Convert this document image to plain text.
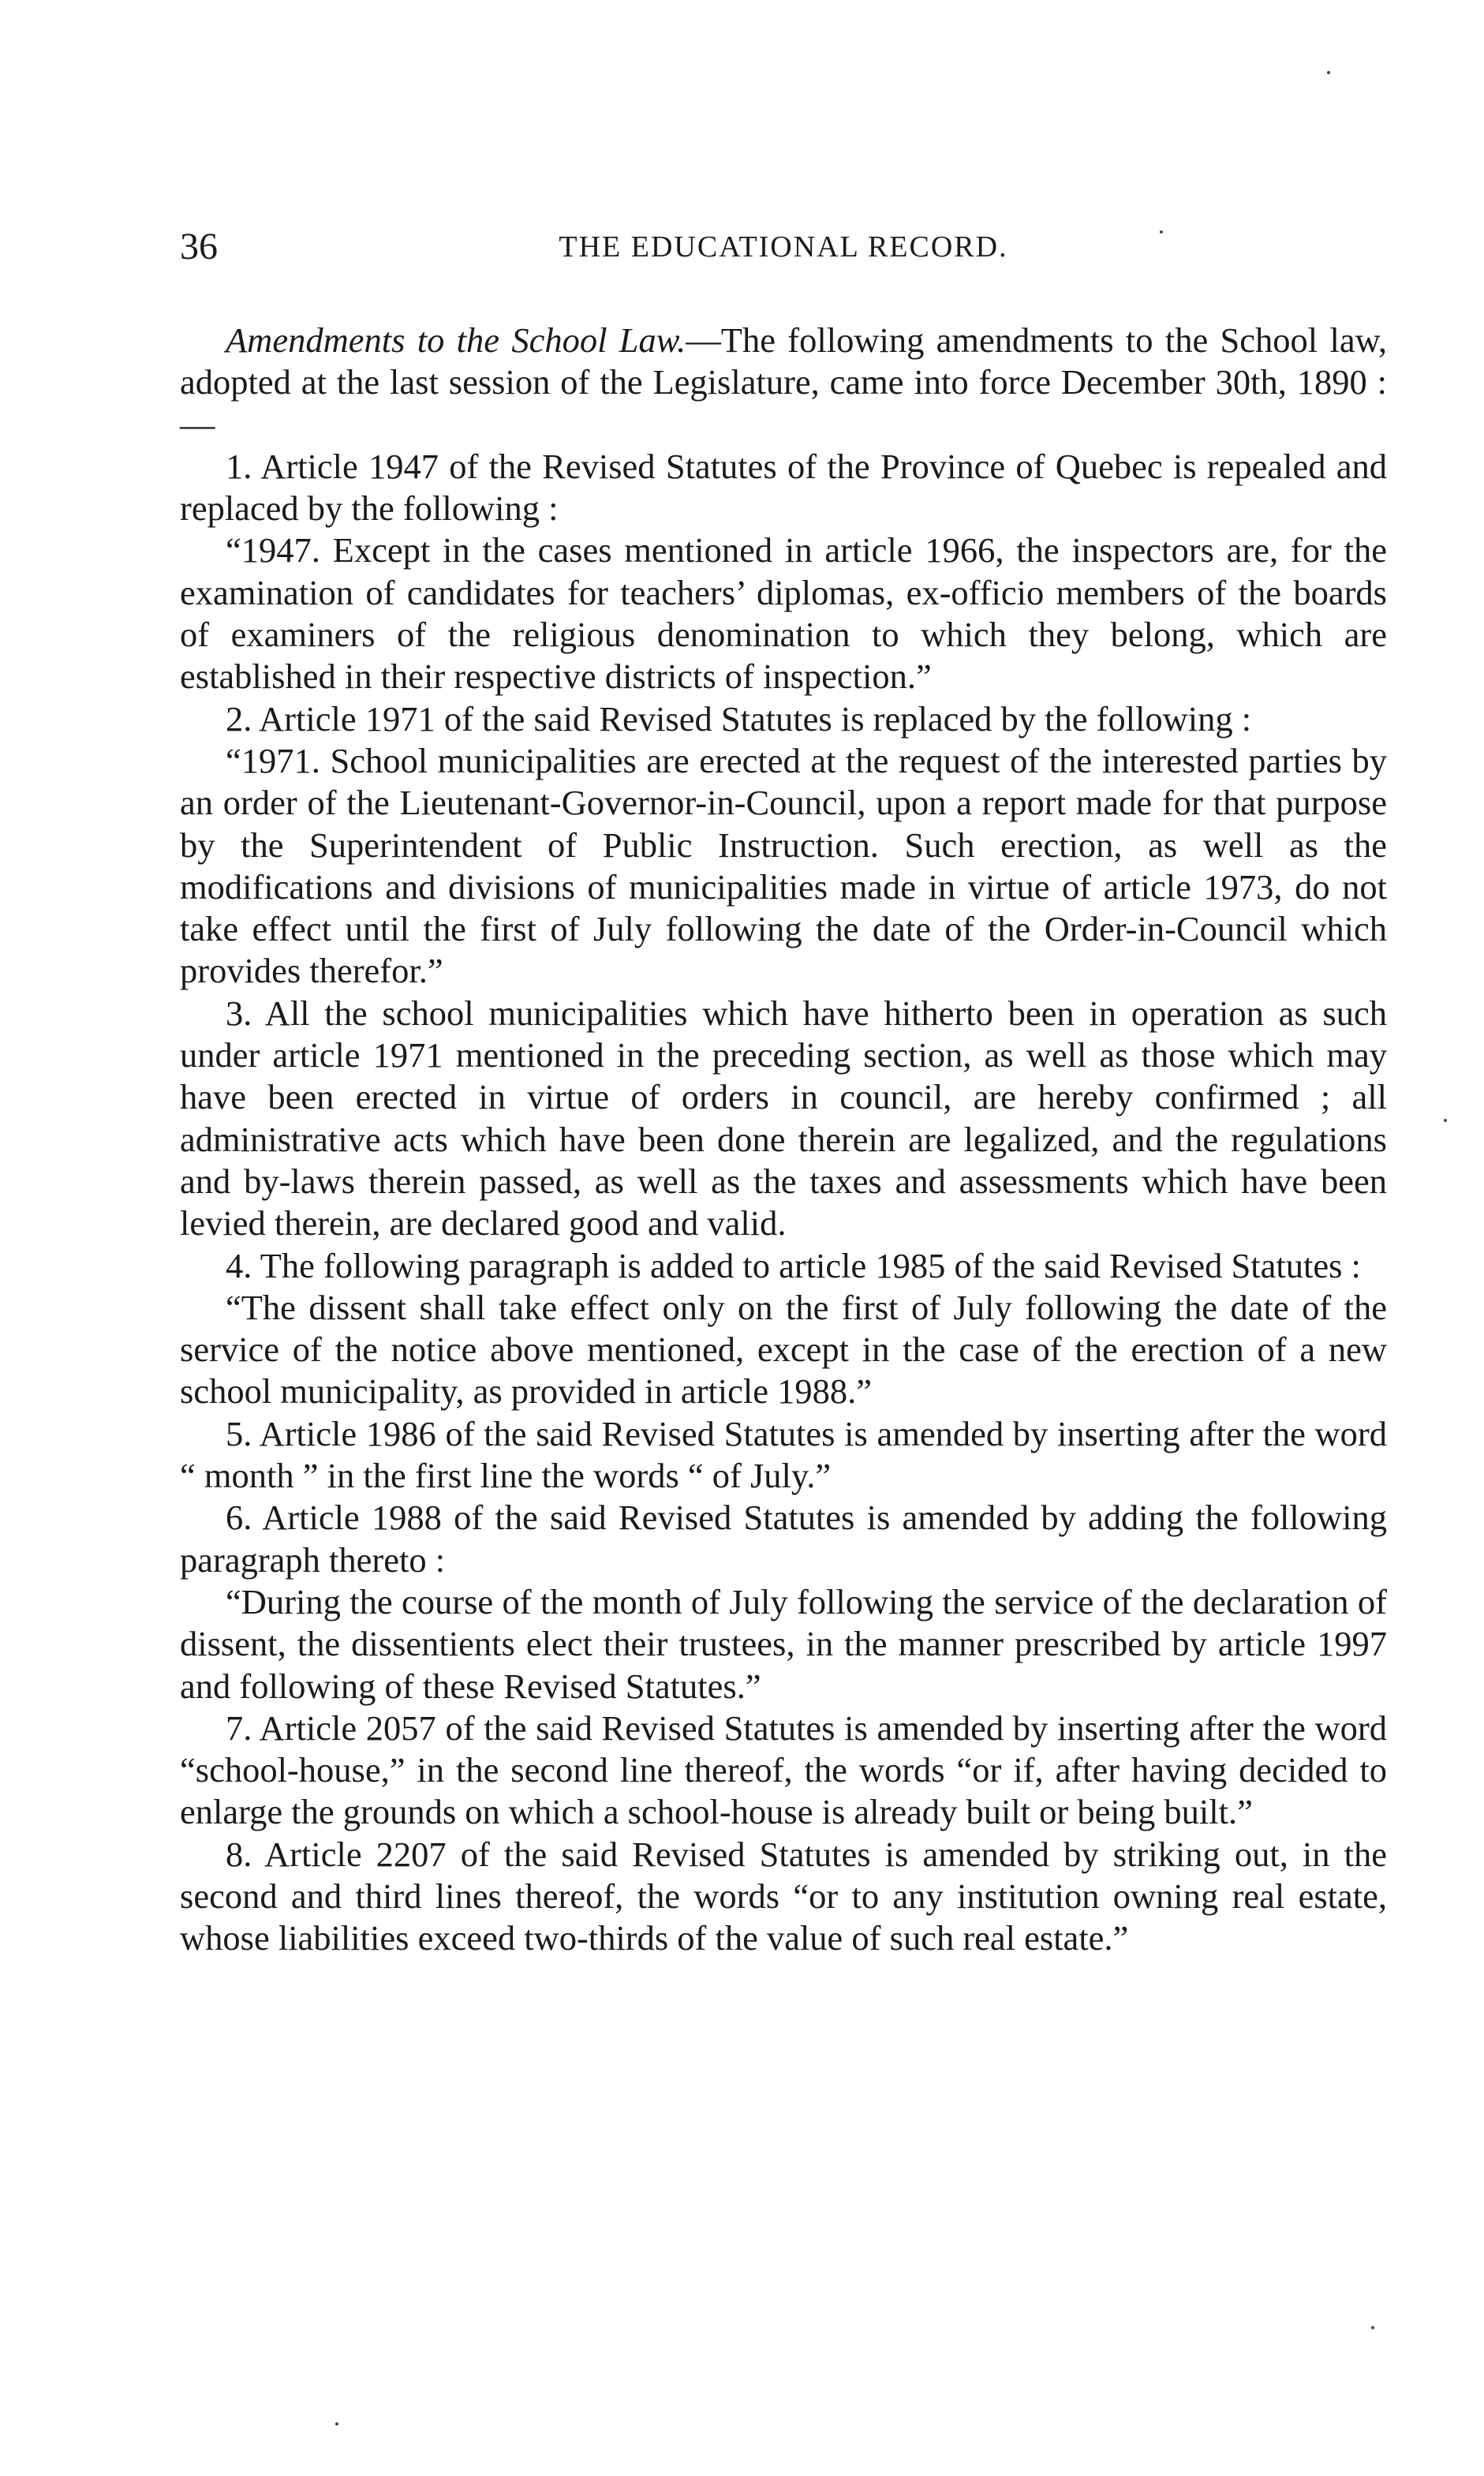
36	THE EDUCATIONAL RECORD.

Amendments to the School Law.—The following amendments to the School law, adopted at the last session of the Legislature, came into force December 30th, 1890 :—

1. Article 1947 of the Revised Statutes of the Province of Quebec is repealed and replaced by the following :

“1947. Except in the cases mentioned in article 1966, the inspectors are, for the examination of candidates for teachers’ diplomas, ex-officio members of the boards of examiners of the religious denomination to which they belong, which are established in their respective districts of inspection.”

2. Article 1971 of the said Revised Statutes is replaced by the following :

“1971. School municipalities are erected at the request of the interested parties by an order of the Lieutenant-Governor-in-Council, upon a report made for that purpose by the Superintendent of Public Instruction. Such erection, as well as the modifications and divisions of municipalities made in virtue of article 1973, do not take effect until the first of July following the date of the Order-in-Council which provides therefor.”

3. All the school municipalities which have hitherto been in operation as such under article 1971 mentioned in the preceding section, as well as those which may have been erected in virtue of orders in council, are hereby confirmed ; all administrative acts which have been done therein are legalized, and the regulations and by-laws therein passed, as well as the taxes and assessments which have been levied therein, are declared good and valid.

4. The following paragraph is added to article 1985 of the said Revised Statutes :

“The dissent shall take effect only on the first of July following the date of the service of the notice above mentioned, except in the case of the erection of a new school municipality, as provided in article 1988.”

5. Article 1986 of the said Revised Statutes is amended by inserting after the word “ month ” in the first line the words “ of July.”

6. Article 1988 of the said Revised Statutes is amended by adding the following paragraph thereto :

“During the course of the month of July following the service of the declaration of dissent, the dissentients elect their trustees, in the manner prescribed by article 1997 and following of these Revised Statutes.”

7. Article 2057 of the said Revised Statutes is amended by inserting after the word “school-house,” in the second line thereof, the words “or if, after having decided to enlarge the grounds on which a school-house is already built or being built.”

8. Article 2207 of the said Revised Statutes is amended by striking out, in the second and third lines thereof, the words “or to any institution owning real estate, whose liabilities exceed two-thirds of the value of such real estate.”
